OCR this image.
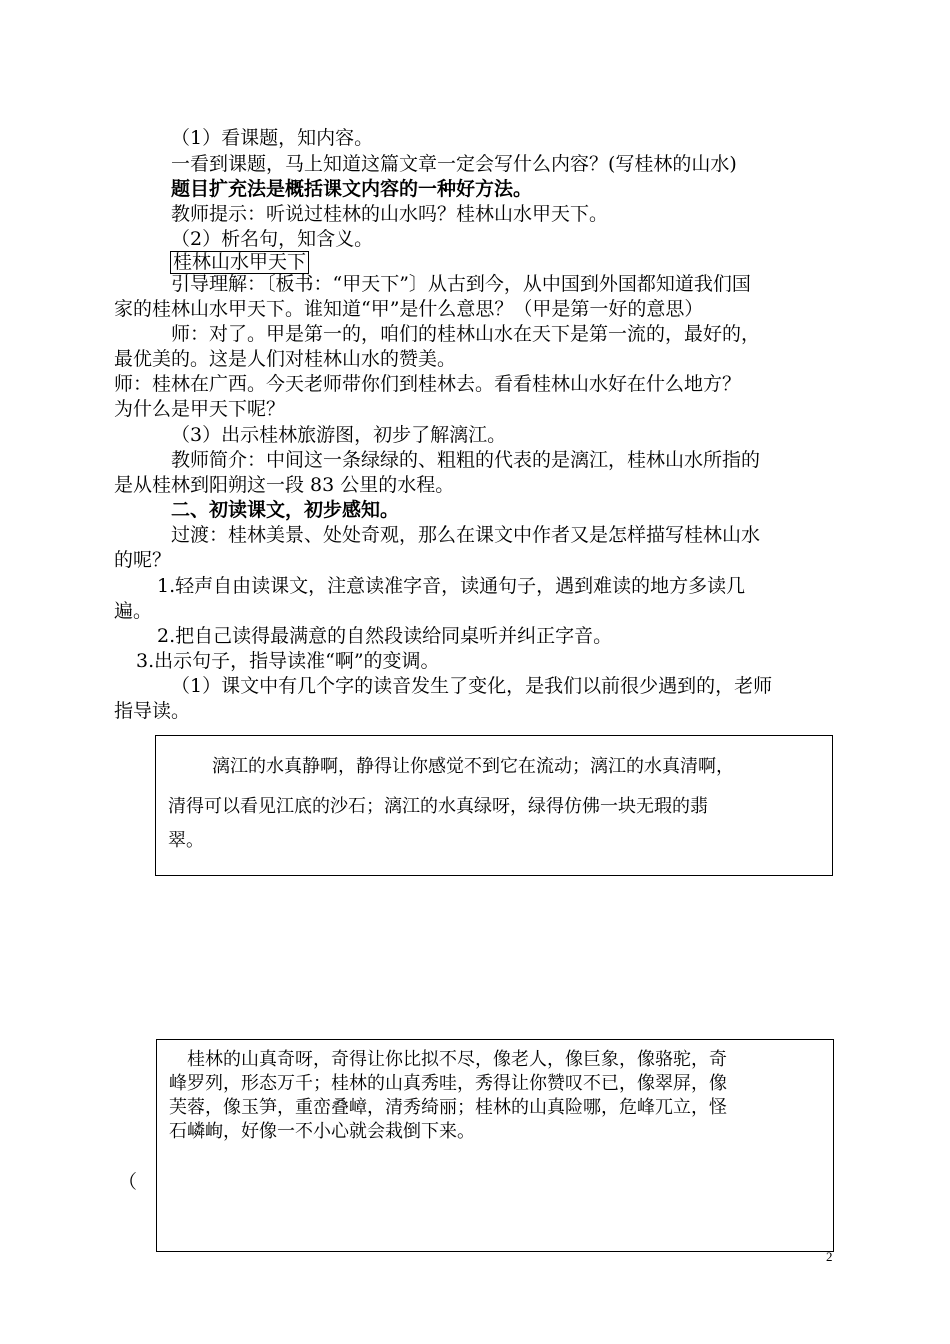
（1）看课题，知内容。
一看到课题，马上知道这篇文章一定会写什么内容？(写桂林的山水)
题目扩充法是概括课文内容的一种好方法。
教师提示：听说过桂林的山水吗？桂林山水甲天下。
（2）析名句，知含义。
桂林山水甲天下
引导理解：〔板书：“甲天下”〕从古到今，从中国到外国都知道我们国
家的桂林山水甲天下。谁知道“甲”是什么意思？（甲是第一好的意思）
师：对了。甲是第一的，咱们的桂林山水在天下是第一流的，最好的，
最优美的。这是人们对桂林山水的赞美。
师：桂林在广西。今天老师带你们到桂林去。看看桂林山水好在什么地方？
为什么是甲天下呢？
（3）出示桂林旅游图，初步了解漓江。
教师简介：中间这一条绿绿的、粗粗的代表的是漓江，桂林山水所指的
是从桂林到阳朔这一段 83 公里的水程。
二、初读课文，初步感知。
过渡：桂林美景、处处奇观，那么在课文中作者又是怎样描写桂林山水
的呢？
1.轻声自由读课文，注意读准字音，读通句子，遇到难读的地方多读几
遍。
2.把自己读得最满意的自然段读给同桌听并纠正字音。
3.出示句子，指导读准“啊”的变调。
（1）课文中有几个字的读音发生了变化，是我们以前很少遇到的，老师
指导读。
漓江的水真静啊，静得让你感觉不到它在流动；漓江的水真清啊，
清得可以看见江底的沙石；漓江的水真绿呀，绿得仿佛一块无瑕的翡
翠。
桂林的山真奇呀，奇得让你比拟不尽，像老人，像巨象，像骆驼，奇
峰罗列，形态万千；桂林的山真秀哇，秀得让你赞叹不已，像翠屏，像
芙蓉，像玉笋，重峦叠嶂，清秀绮丽；桂林的山真险哪，危峰兀立，怪
石嶙峋，好像一不小心就会栽倒下来。
（
2
